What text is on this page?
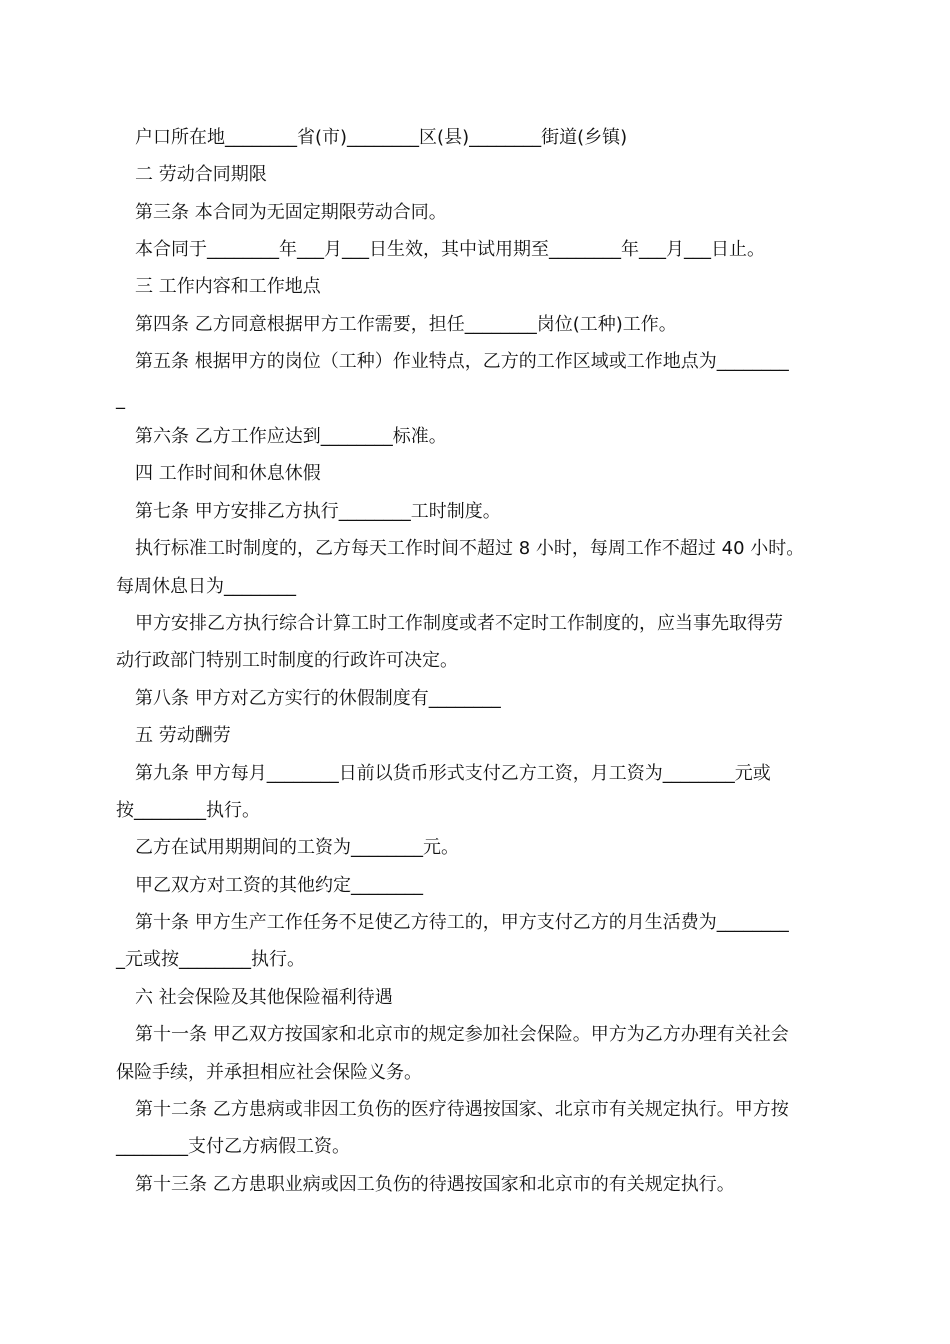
户口所在地________省(市)________区(县)________街道(乡镇)
二 劳动合同期限
第三条 本合同为无固定期限劳动合同。
本合同于________年___月___日生效，其中试用期至________年___月___日止。
三 工作内容和工作地点
第四条 乙方同意根据甲方工作需要，担任________岗位(工种)工作。
第五条 根据甲方的岗位（工种）作业特点，乙方的工作区域或工作地点为________
_
第六条 乙方工作应达到________标准。
四 工作时间和休息休假
第七条 甲方安排乙方执行________工时制度。
执行标准工时制度的，乙方每天工作时间不超过 8 小时，每周工作不超过 40 小时。
每周休息日为________
甲方安排乙方执行综合计算工时工作制度或者不定时工作制度的，应当事先取得劳
动行政部门特别工时制度的行政许可决定。
第八条 甲方对乙方实行的休假制度有________
五 劳动酬劳
第九条 甲方每月________日前以货币形式支付乙方工资，月工资为________元或
按________执行。
乙方在试用期期间的工资为________元。
甲乙双方对工资的其他约定________
第十条 甲方生产工作任务不足使乙方待工的，甲方支付乙方的月生活费为________
_元或按________执行。
六 社会保险及其他保险福利待遇
第十一条 甲乙双方按国家和北京市的规定参加社会保险。甲方为乙方办理有关社会
保险手续，并承担相应社会保险义务。
第十二条 乙方患病或非因工负伤的医疗待遇按国家、北京市有关规定执行。甲方按
________支付乙方病假工资。
第十三条 乙方患职业病或因工负伤的待遇按国家和北京市的有关规定执行。
